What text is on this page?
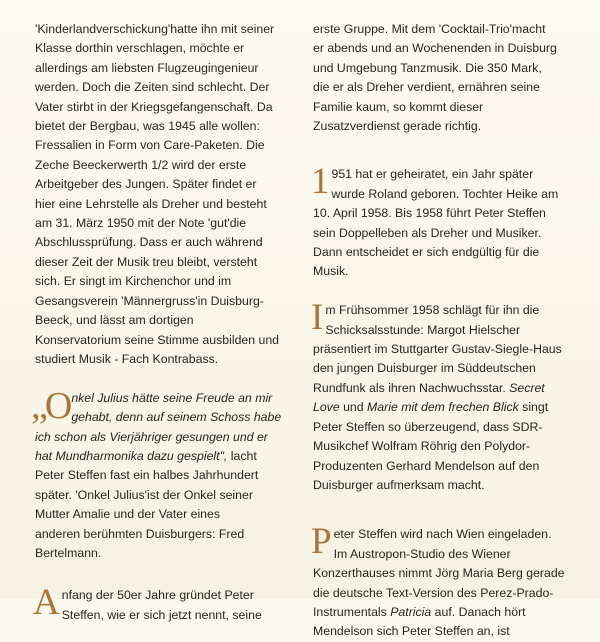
'Kinderlandverschickung'hatte ihn mit seiner
Klasse dorthin verschlagen, möchte er
allerdings am liebsten Flugzeugingenieur
werden. Doch die Zeiten sind schlecht. Der
Vater stirbt in der Kriegsgefangenschaft. Da
bietet der Bergbau, was 1945 alle wollen:
Fressalien in Form von Care-Paketen. Die
Zeche Beeckerwerth 1/2 wird der erste
Arbeitgeber des Jungen. Später findet er
hier eine Lehrstelle als Dreher und besteht
am 31. März 1950 mit der Note 'gut'die
Abschlussprüfung. Dass er auch während
dieser Zeit der Musik treu bleibt, versteht
sich. Er singt im Kirchenchor und im
Gesangsverein 'Männergruss'in Duisburg-
Beeck, und lässt am dortigen
Konservatorium seine Stimme ausbilden und
studiert Musik - Fach Kontrabass.
„O nkel Julius hätte seine Freude an mir
gehabt, denn auf seinem Schoss habe
ich schon als Vierjähriger gesungen und er
hat Mundharmonika dazu gespielt", lacht
Peter Steffen fast ein halbes Jahrhundert
später. 'Onkel Julius'ist der Onkel seiner
Mutter Amalie und der Vater eines
anderen berühmten Duisburgers: Fred
Bertelmann.
A nfang der 50er Jahre gründet Peter
Steffen, wie er sich jetzt nennt, seine
erste Gruppe. Mit dem 'Cocktail-Trio'macht
er abends und an Wochenenden in Duisburg
und Umgebung Tanzmusik. Die 350 Mark,
die er als Dreher verdient, ernähren seine
Familie kaum, so kommt dieser
Zusatzverdienst gerade richtig.
1 951 hat er geheiratet, ein Jahr später
wurde Roland geboren. Tochter Heike am
10. April 1958. Bis 1958 führt Peter Steffen
sein Doppelleben als Dreher und Musiker.
Dann entscheidet er sich endgültig für die
Musik.
I m Frühsommer 1958 schlägt für ihn die
Schicksalsstunde: Margot Hielscher
präsentiert im Stuttgarter Gustav-Siegle-Haus
den jungen Duisburger im Süddeutschen
Rundfunk als ihren Nachwuchsstar. Secret
Love und Marie mit dem frechen Blick singt
Peter Steffen so überzeugend, dass SDR-
Musikchef Wolfram Röhrig den Polydor-
Produzenten Gerhard Mendelson auf den
Duisburger aufmerksam macht.
P eter Steffen wird nach Wien eingeladen.
Im Austropon-Studio des Wiener
Konzerthauses nimmt Jörg Maria Berg gerade
die deutsche Text-Version des Perez-Prado-
Instrumentals Patricia auf. Danach hört
Mendelson sich Peter Steffen an, ist
